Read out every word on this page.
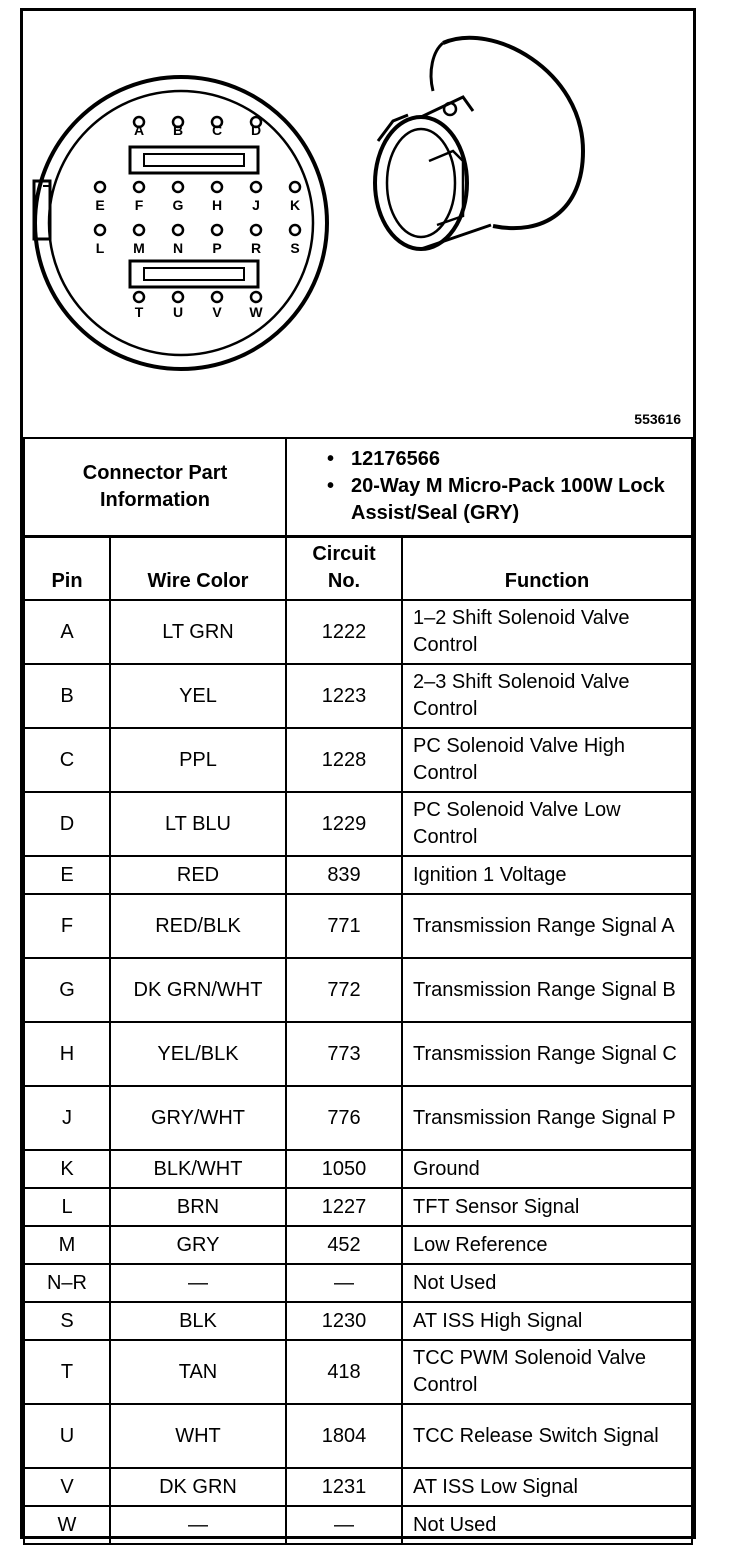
A B C D
E F G H J K
L M N P R S
T U V W
553616
Connector Part Information		• 12176566
• 20-Way M Micro-Pack 100W Lock Assist/Seal (GRY)

Pin	Wire Color	Circuit No.	Function
A	LT GRN	1222	1–2 Shift Solenoid Valve Control
B	YEL	1223	2–3 Shift Solenoid Valve Control
C	PPL	1228	PC Solenoid Valve High Control
D	LT BLU	1229	PC Solenoid Valve Low Control
E	RED	839	Ignition 1 Voltage
F	RED/BLK	771	Transmission Range Signal A
G	DK GRN/WHT	772	Transmission Range Signal B
H	YEL/BLK	773	Transmission Range Signal C
J	GRY/WHT	776	Transmission Range Signal P
K	BLK/WHT	1050	Ground
L	BRN	1227	TFT Sensor Signal
M	GRY	452	Low Reference
N–R	—	—	Not Used
S	BLK	1230	AT ISS High Signal
T	TAN	418	TCC PWM Solenoid Valve Control
U	WHT	1804	TCC Release Switch Signal
V	DK GRN	1231	AT ISS Low Signal
W	—	—	Not Used
